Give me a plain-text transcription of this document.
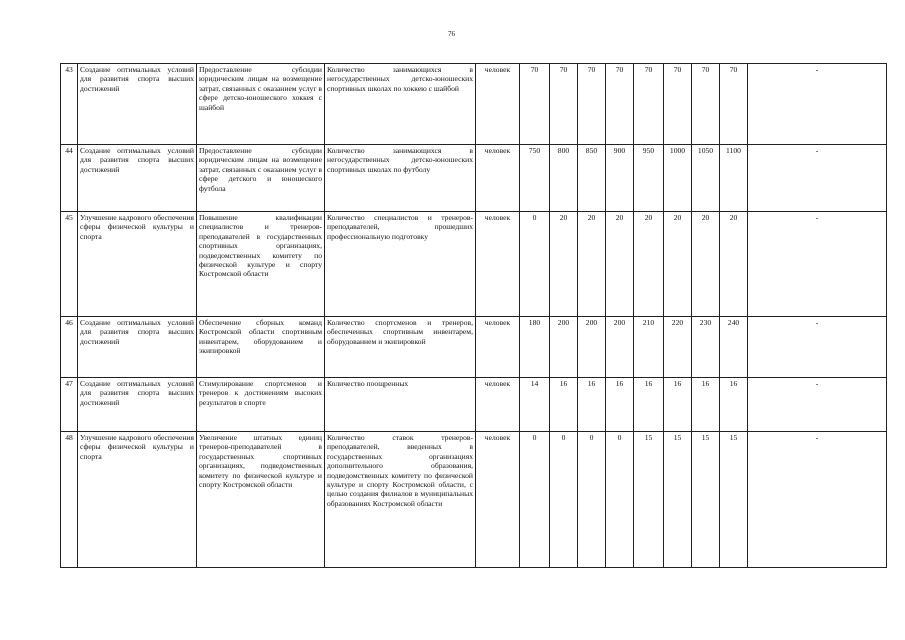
76
43	Создание оптимальных условий для развития спорта высших достижений	Предоставление субсидии юридическим лицам на возмещение затрат, связанных с оказанием услуг в сфере детско-юношеского хоккея с шайбой	Количество занимающихся в негосударственных детско-юношеских спортивных школах по хоккею с шайбой	человек	70	70	70	70	70	70	70	70	-
44	Создание оптимальных условий для развития спорта высших достижений	Предоставление субсидии юридическим лицам на возмещение затрат, связанных с оказанием услуг в сфере детского и юношеского футбола	Количество занимающихся в негосударственных детско-юношеских спортивных школах по футболу	человек	750	800	850	900	950	1000	1050	1100	-
45	Улучшение кадрового обеспечения сферы физической культуры и спорта	Повышение квалификации специалистов и тренеров-преподавателей в государственных спортивных организациях, подведомственных комитету по физической культуре и спорту Костромской области	Количество специалистов и тренеров-преподавателей, прошедших профессиональную подготовку	человек	0	20	20	20	20	20	20	20	-
46	Создание оптимальных условий для развития спорта высших достижений	Обеспечение сборных команд Костромской области спортивным инвентарем, оборудованием и экипировкой	Количество спортсменов и тренеров, обеспеченных спортивным инвентарем, оборудованием и экипировкой	человек	180	200	200	200	210	220	230	240	-
47	Создание оптимальных условий для развития спорта высших достижений	Стимулирование спортсменов и тренеров к достижениям высоких результатов в спорте	Количество поощренных	человек	14	16	16	16	16	16	16	16	-
48	Улучшение кадрового обеспечения сферы физической культуры и спорта	Увеличение штатных единиц тренеров-преподавателей в государственных спортивных организациях, подведомственных комитету по физической культуре и спорту Костромской области	Количество ставок тренеров-преподавателей, введенных в государственных организациях дополнительного образования, подведомственных комитету по физической культуре и спорту Костромской области, с целью создания филиалов в муниципальных образованиях Костромской области	человек	0	0	0	0	15	15	15	15	-
